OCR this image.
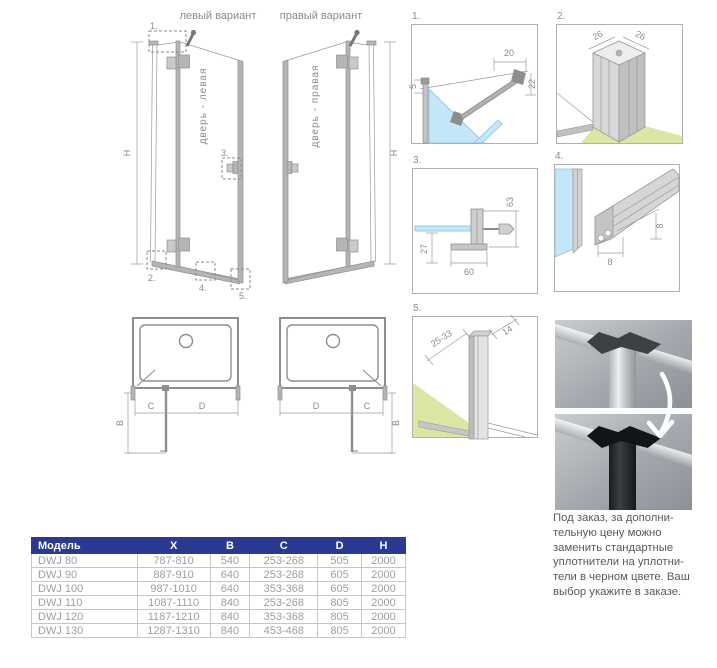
левый вариант правый вариант
H
дверь - левая
1.
2.
3.
4.
5.
H
дверь - правая
1.
20
5	22
2.
26	26
3.
63
27
60
4.
8
8
5.
25-33	14
C	D
B
D	C
B
Под заказ, за дополни-
тельную цену можно
заменить стандартные
уплотнители на уплотни-
тели в черном цвете. Ваш
выбор укажите в заказе.
Модель	X	B	C	D	H
DWJ 80	787-810	540	253-268	505	2000
DWJ 90	887-910	640	253-268	605	2000
DWJ 100	987-1010	640	353-368	605	2000
DWJ 110	1087-1110	840	253-268	805	2000
DWJ 120	1187-1210	840	353-368	805	2000
DWJ 130	1287-1310	840	453-468	805	2000
